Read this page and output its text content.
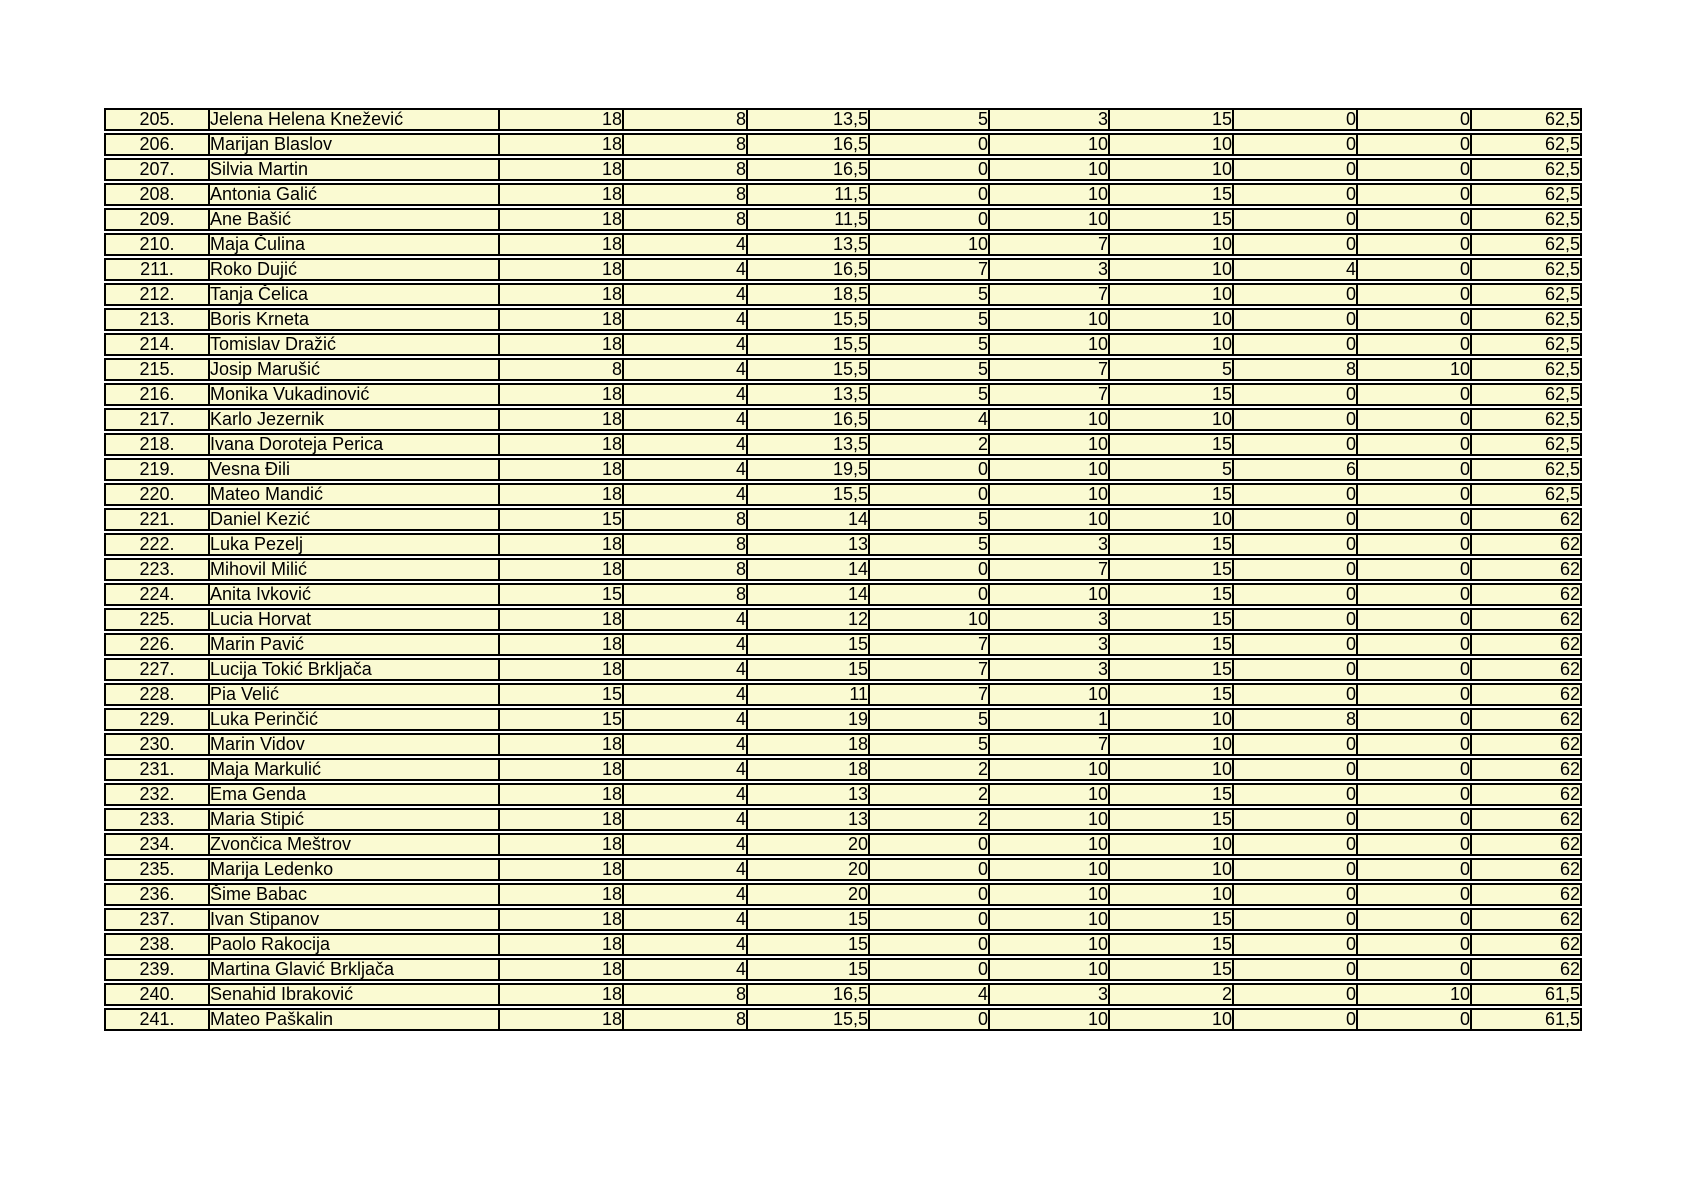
205.	Jelena Helena Knežević	18	8	13,5	5	3	15	0	0	62,5
206.	Marijan Blaslov	18	8	16,5	0	10	10	0	0	62,5
207.	Silvia Martin	18	8	16,5	0	10	10	0	0	62,5
208.	Antonia Galić	18	8	11,5	0	10	15	0	0	62,5
209.	Ane Bašić	18	8	11,5	0	10	15	0	0	62,5
210.	Maja Čulina	18	4	13,5	10	7	10	0	0	62,5
211.	Roko Dujić	18	4	16,5	7	3	10	4	0	62,5
212.	Tanja Čelica	18	4	18,5	5	7	10	0	0	62,5
213.	Boris Krneta	18	4	15,5	5	10	10	0	0	62,5
214.	Tomislav Dražić	18	4	15,5	5	10	10	0	0	62,5
215.	Josip Marušić	8	4	15,5	5	7	5	8	10	62,5
216.	Monika Vukadinović	18	4	13,5	5	7	15	0	0	62,5
217.	Karlo Jezernik	18	4	16,5	4	10	10	0	0	62,5
218.	Ivana Doroteja Perica	18	4	13,5	2	10	15	0	0	62,5
219.	Vesna Đili	18	4	19,5	0	10	5	6	0	62,5
220.	Mateo Mandić	18	4	15,5	0	10	15	0	0	62,5
221.	Daniel Kezić	15	8	14	5	10	10	0	0	62
222.	Luka Pezelj	18	8	13	5	3	15	0	0	62
223.	Mihovil Milić	18	8	14	0	7	15	0	0	62
224.	Anita Ivković	15	8	14	0	10	15	0	0	62
225.	Lucia Horvat	18	4	12	10	3	15	0	0	62
226.	Marin Pavić	18	4	15	7	3	15	0	0	62
227.	Lucija Tokić Brkljača	18	4	15	7	3	15	0	0	62
228.	Pia Velić	15	4	11	7	10	15	0	0	62
229.	Luka Perinčić	15	4	19	5	1	10	8	0	62
230.	Marin Vidov	18	4	18	5	7	10	0	0	62
231.	Maja Markulić	18	4	18	2	10	10	0	0	62
232.	Ema Genda	18	4	13	2	10	15	0	0	62
233.	Maria Stipić	18	4	13	2	10	15	0	0	62
234.	Zvončica Meštrov	18	4	20	0	10	10	0	0	62
235.	Marija Ledenko	18	4	20	0	10	10	0	0	62
236.	Šime Babac	18	4	20	0	10	10	0	0	62
237.	Ivan Stipanov	18	4	15	0	10	15	0	0	62
238.	Paolo Rakocija	18	4	15	0	10	15	0	0	62
239.	Martina Glavić Brkljača	18	4	15	0	10	15	0	0	62
240.	Senahid Ibraković	18	8	16,5	4	3	2	0	10	61,5
241.	Mateo Paškalin	18	8	15,5	0	10	10	0	0	61,5
